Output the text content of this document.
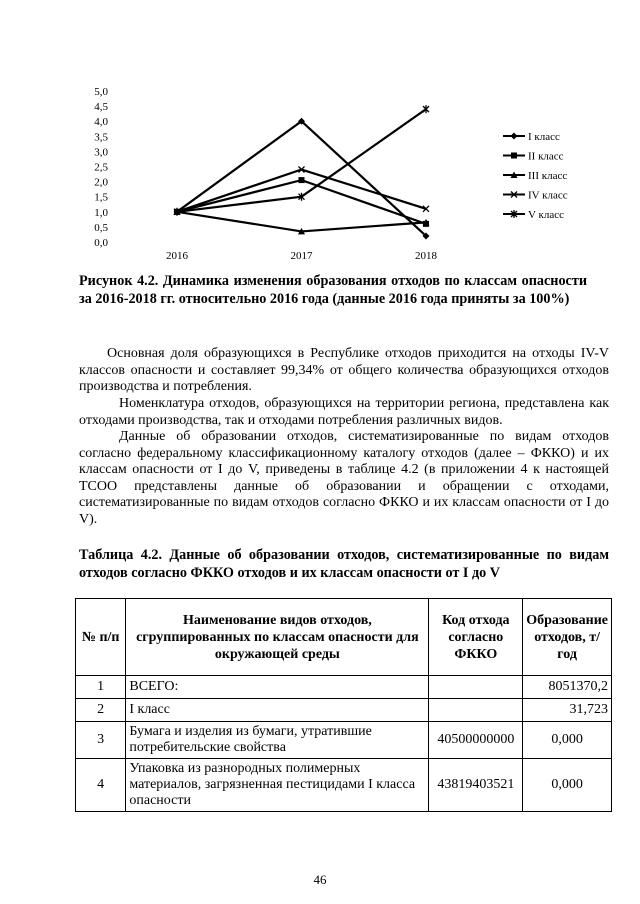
0,0
0,5
1,0
1,5
2,0
2,5
3,0
3,5
4,0
4,5
5,0
2016	2017	2018
I класс
II класс
III класс
IV класс
V класс
Рисунок 4.2. Динамика изменения образования отходов по классам опасности за 2016-2018 гг. относительно 2016 года (данные 2016 года приняты за 100%)

Основная доля образующихся в Республике отходов приходится на отходы IV-V классов опасности и составляет 99,34% от общего количества образующихся отходов производства и потребления.

Номенклатура отходов, образующихся на территории региона, представлена как отходами производства, так и отходами потребления различных видов.

Данные об образовании отходов, систематизированные по видам отходов согласно федеральному классификационному каталогу отходов (далее – ФККО) и их классам опасности от I до V, приведены в таблице 4.2 (в приложении 4 к настоящей ТСОО представлены данные об образовании и обращении с отходами, систематизированные по видам отходов согласно ФККО и их классам опасности от I до V).

Таблица 4.2. Данные об образовании отходов, систематизированные по видам отходов согласно ФККО отходов и их классам опасности от I до V
№ п/п	Наименование видов отходов, сгруппированных по классам опасности для окружающей среды	Код отхода согласно ФККО	Образование отходов, т/год
1	ВСЕГО:		8051370,2
2	I класс		31,723
3	Бумага и изделия из бумаги, утратившие потребительские свойства	40500000000	0,000
4	Упаковка из разнородных полимерных материалов, загрязненная пестицидами I класса опасности	43819403521	0,000
46
